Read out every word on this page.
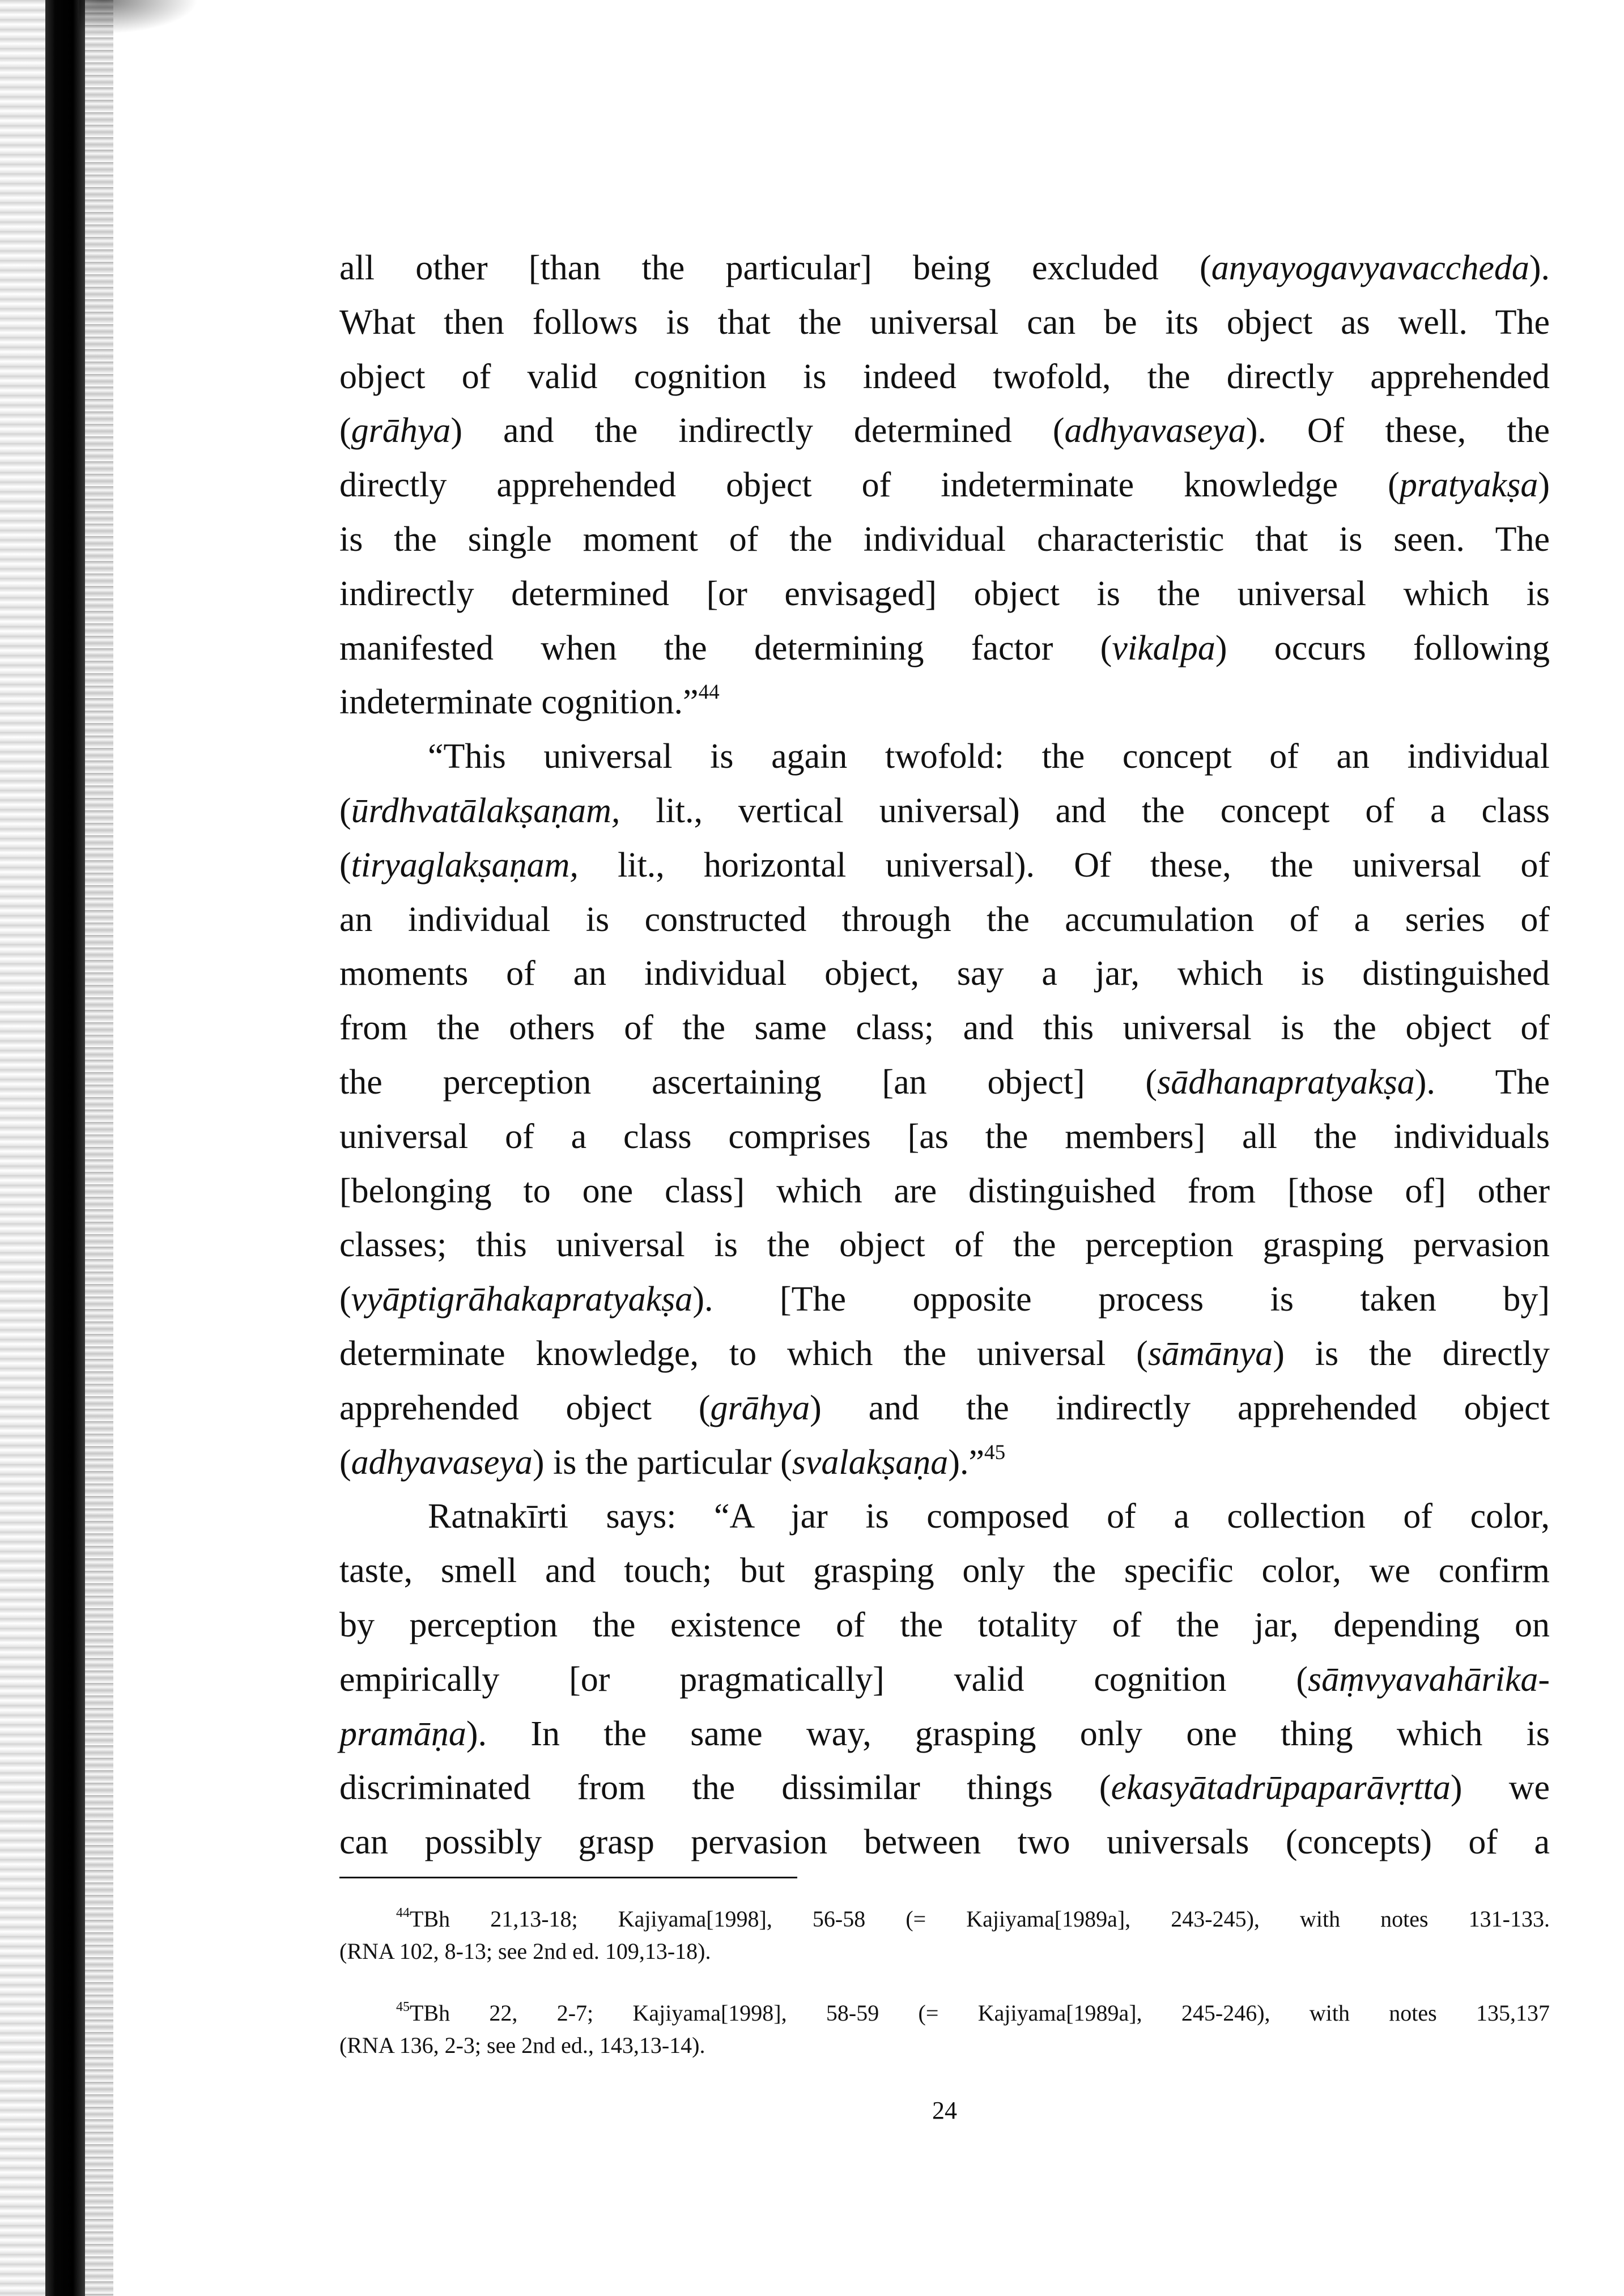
all other [than the particular] being excluded (anyayogavyavaccheda).
What then follows is that the universal can be its object as well. The
object of valid cognition is indeed twofold, the directly apprehended
(grāhya) and the indirectly determined (adhyavaseya). Of these, the
directly apprehended object of indeterminate knowledge (pratyakṣa)
is the single moment of the individual characteristic that is seen. The
indirectly determined [or envisaged] object is the universal which is
manifested when the determining factor (vikalpa) occurs following
indeterminate cognition.”$^{44}$
“This universal is again twofold: the concept of an individual
(ūrdhvatālakṣaṇam, lit., vertical universal) and the concept of a class
(tiryaglakṣaṇam, lit., horizontal universal). Of these, the universal of
an individual is constructed through the accumulation of a series of
moments of an individual object, say a jar, which is distinguished
from the others of the same class; and this universal is the object of
the perception ascertaining [an object] (sādhanapratyakṣa). The
universal of a class comprises [as the members] all the individuals
[belonging to one class] which are distinguished from [those of] other
classes; this universal is the object of the perception grasping pervasion
(vyāptigrāhakapratyakṣa). [The opposite process is taken by]
determinate knowledge, to which the universal (sāmānya) is the directly
apprehended object (grāhya) and the indirectly apprehended object
(adhyavaseya) is the particular (svalakṣaṇa).”$^{45}$
Ratnakīrti says: “A jar is composed of a collection of color,
taste, smell and touch; but grasping only the specific color, we confirm
by perception the existence of the totality of the jar, depending on
empirically [or pragmatically] valid cognition (sāṃvyavahārika-
pramāṇa). In the same way, grasping only one thing which is
discriminated from the dissimilar things (ekasyātadrūpaparāvṛtta) we
can possibly grasp pervasion between two universals (concepts) of a
$^{44}$TBh 21,13-18; Kajiyama[1998], 56-58 (= Kajiyama[1989a], 243-245), with notes 131-133.
(RNA 102, 8-13; see 2nd ed. 109,13-18).
$^{45}$TBh 22, 2-7; Kajiyama[1998], 58-59 (= Kajiyama[1989a], 245-246), with notes 135,137
(RNA 136, 2-3; see 2nd ed., 143,13-14).
24
